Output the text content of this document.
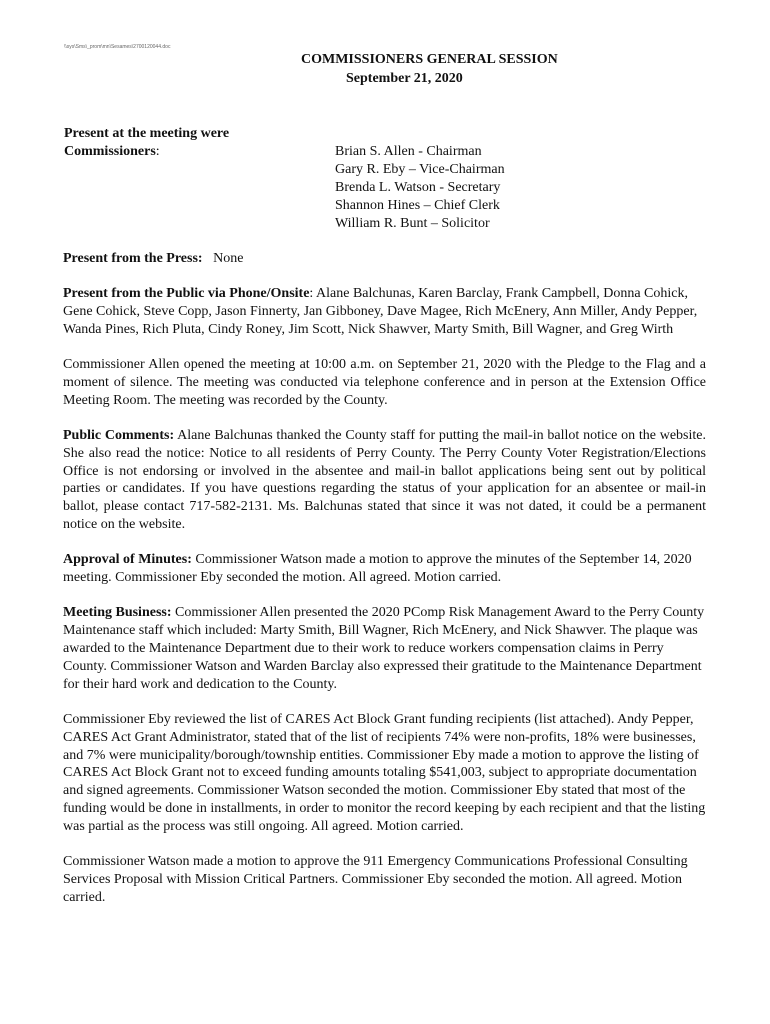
\\sys\Sms\_prom\mn\Sesames\2700120044.doc
COMMISSIONERS GENERAL SESSION
September 21, 2020
Present at the meeting were
Commissioners:	Brian S. Allen - Chairman
Gary R. Eby – Vice-Chairman
Brenda L. Watson - Secretary
Shannon Hines – Chief Clerk
William R. Bunt – Solicitor

Present from the Press: None

Present from the Public via Phone/Onsite: Alane Balchunas, Karen Barclay, Frank Campbell, Donna Cohick, Gene Cohick, Steve Copp, Jason Finnerty, Jan Gibboney, Dave Magee, Rich McEnery, Ann Miller, Andy Pepper, Wanda Pines, Rich Pluta, Cindy Roney, Jim Scott, Nick Shawver, Marty Smith, Bill Wagner, and Greg Wirth

Commissioner Allen opened the meeting at 10:00 a.m. on September 21, 2020 with the Pledge to the Flag and a moment of silence. The meeting was conducted via telephone conference and in person at the Extension Office Meeting Room. The meeting was recorded by the County.

Public Comments: Alane Balchunas thanked the County staff for putting the mail-in ballot notice on the website. She also read the notice: Notice to all residents of Perry County. The Perry County Voter Registration/Elections Office is not endorsing or involved in the absentee and mail-in ballot applications being sent out by political parties or candidates. If you have questions regarding the status of your application for an absentee or mail-in ballot, please contact 717-582-2131. Ms. Balchunas stated that since it was not dated, it could be a permanent notice on the website.

Approval of Minutes: Commissioner Watson made a motion to approve the minutes of the September 14, 2020 meeting. Commissioner Eby seconded the motion. All agreed. Motion carried.

Meeting Business: Commissioner Allen presented the 2020 PComp Risk Management Award to the Perry County Maintenance staff which included: Marty Smith, Bill Wagner, Rich McEnery, and Nick Shawver. The plaque was awarded to the Maintenance Department due to their work to reduce workers compensation claims in Perry County. Commissioner Watson and Warden Barclay also expressed their gratitude to the Maintenance Department for their hard work and dedication to the County.

Commissioner Eby reviewed the list of CARES Act Block Grant funding recipients (list attached). Andy Pepper, CARES Act Grant Administrator, stated that of the list of recipients 74% were non-profits, 18% were businesses, and 7% were municipality/borough/township entities. Commissioner Eby made a motion to approve the listing of CARES Act Block Grant not to exceed funding amounts totaling $541,003, subject to appropriate documentation and signed agreements. Commissioner Watson seconded the motion. Commissioner Eby stated that most of the funding would be done in installments, in order to monitor the record keeping by each recipient and that the listing was partial as the process was still ongoing. All agreed. Motion carried.

Commissioner Watson made a motion to approve the 911 Emergency Communications Professional Consulting Services Proposal with Mission Critical Partners. Commissioner Eby seconded the motion. All agreed. Motion carried.
